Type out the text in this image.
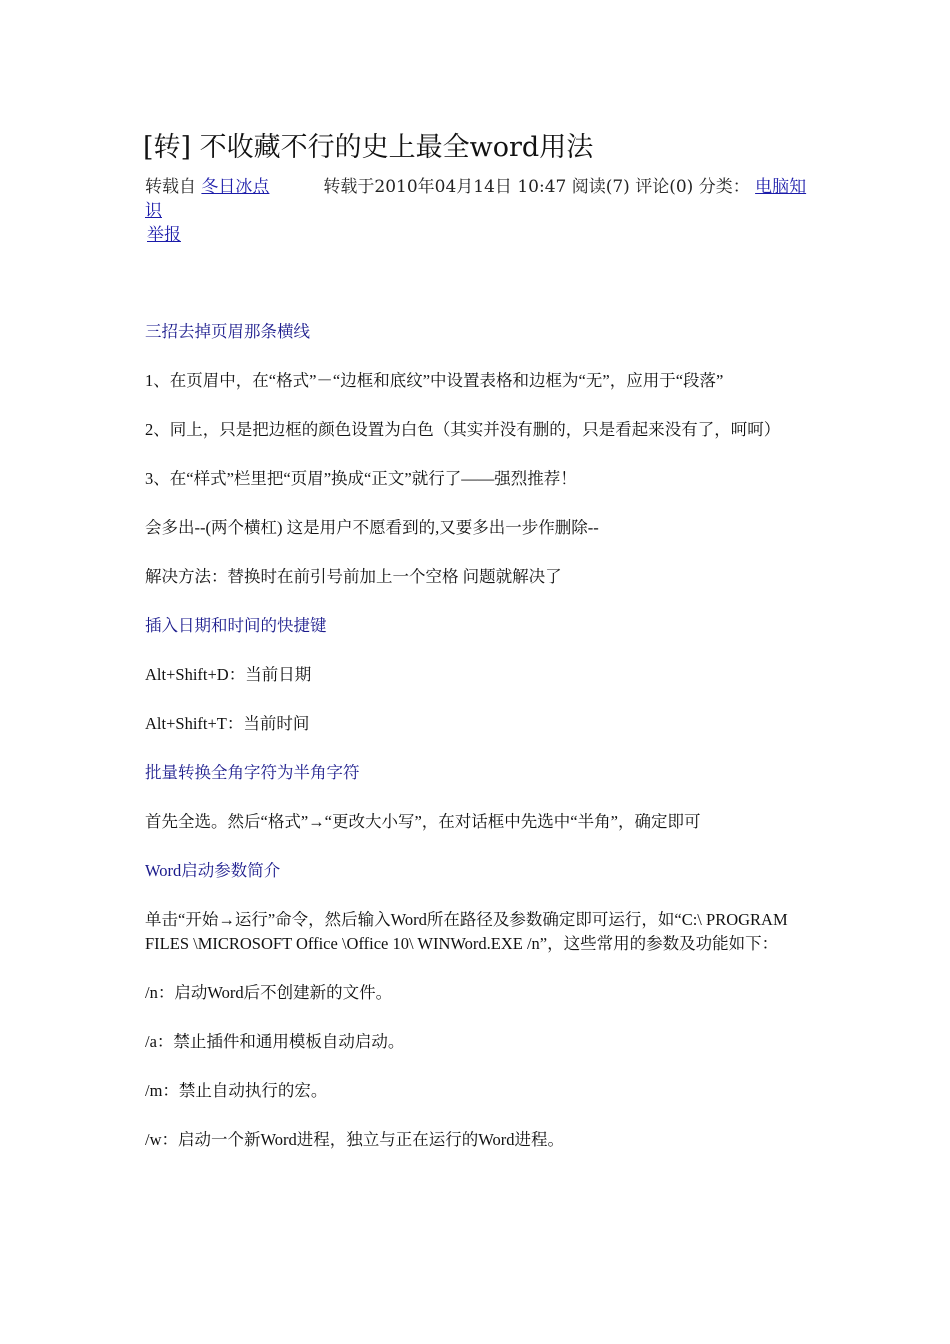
[转] 不收藏不行的史上最全word用法
转载自 冬日冰点	转载于2010年04月14日 10:47 阅读(7) 评论(0) 分类： 电脑知识
举报

三招去掉页眉那条横线

1、在页眉中，在“格式”－“边框和底纹”中设置表格和边框为“无”，应用于“段落”

2、同上，只是把边框的颜色设置为白色（其实并没有删的，只是看起来没有了，呵呵）

3、在“样式”栏里把“页眉”换成“正文”就行了——强烈推荐！

会多出--(两个横杠) 这是用户不愿看到的,又要多出一步作删除--

解决方法：替换时在前引号前加上一个空格 问题就解决了

插入日期和时间的快捷键

Alt+Shift+D：当前日期

Alt+Shift+T：当前时间

批量转换全角字符为半角字符

首先全选。然后“格式”→“更改大小写”，在对话框中先选中“半角”，确定即可

Word启动参数简介

单击“开始→运行”命令，然后输入Word所在路径及参数确定即可运行，如“C:\ PROGRAM FILES \MICROSOFT Office \Office 10\ WINWord.EXE /n”，这些常用的参数及功能如下：

/n：启动Word后不创建新的文件。

/a：禁止插件和通用模板自动启动。

/m：禁止自动执行的宏。

/w：启动一个新Word进程，独立与正在运行的Word进程。
